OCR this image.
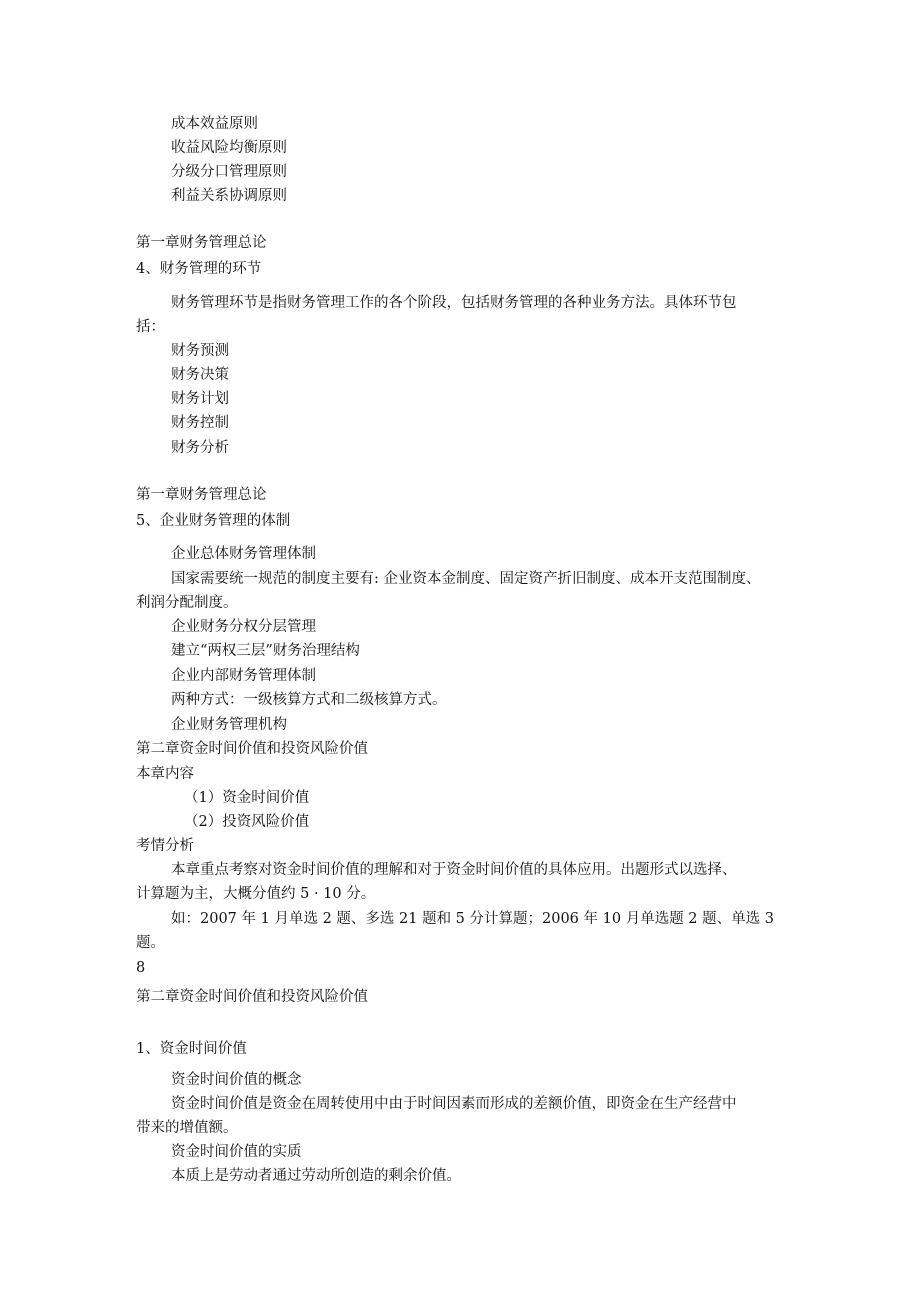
成本效益原则

收益风险均衡原则

分级分口管理原则

利益关系协调原则

第一章财务管理总论

4、财务管理的环节

财务管理环节是指财务管理工作的各个阶段，包括财务管理的各种业务方法。具体环节包

括：

财务预测

财务决策

财务计划

财务控制

财务分析

第一章财务管理总论

5、企业财务管理的体制

企业总体财务管理体制

国家需要统一规范的制度主要有: 企业资本金制度、固定资产折旧制度、成本开支范围制度、

利润分配制度。

企业财务分权分层管理

建立“两权三层”财务治理结构

企业内部财务管理体制

两种方式：一级核算方式和二级核算方式。

企业财务管理机构

第二章资金时间价值和投资风险价值

本章内容

（1）资金时间价值

（2）投资风险价值

考情分析

本章重点考察对资金时间价值的理解和对于资金时间价值的具体应用。出题形式以选择、

计算题为主，大概分值约 5 · 10 分。

如：2007 年 1 月单选 2 题、多选 21 题和 5 分计算题；2006 年 10 月单选题 2 题、单选 3

题。

8

第二章资金时间价值和投资风险价值

1、资金时间价值

资金时间价值的概念

资金时间价值是资金在周转使用中由于时间因素而形成的差额价值，即资金在生产经营中

带来的增值额。

资金时间价值的实质

本质上是劳动者通过劳动所创造的剩余价值。
